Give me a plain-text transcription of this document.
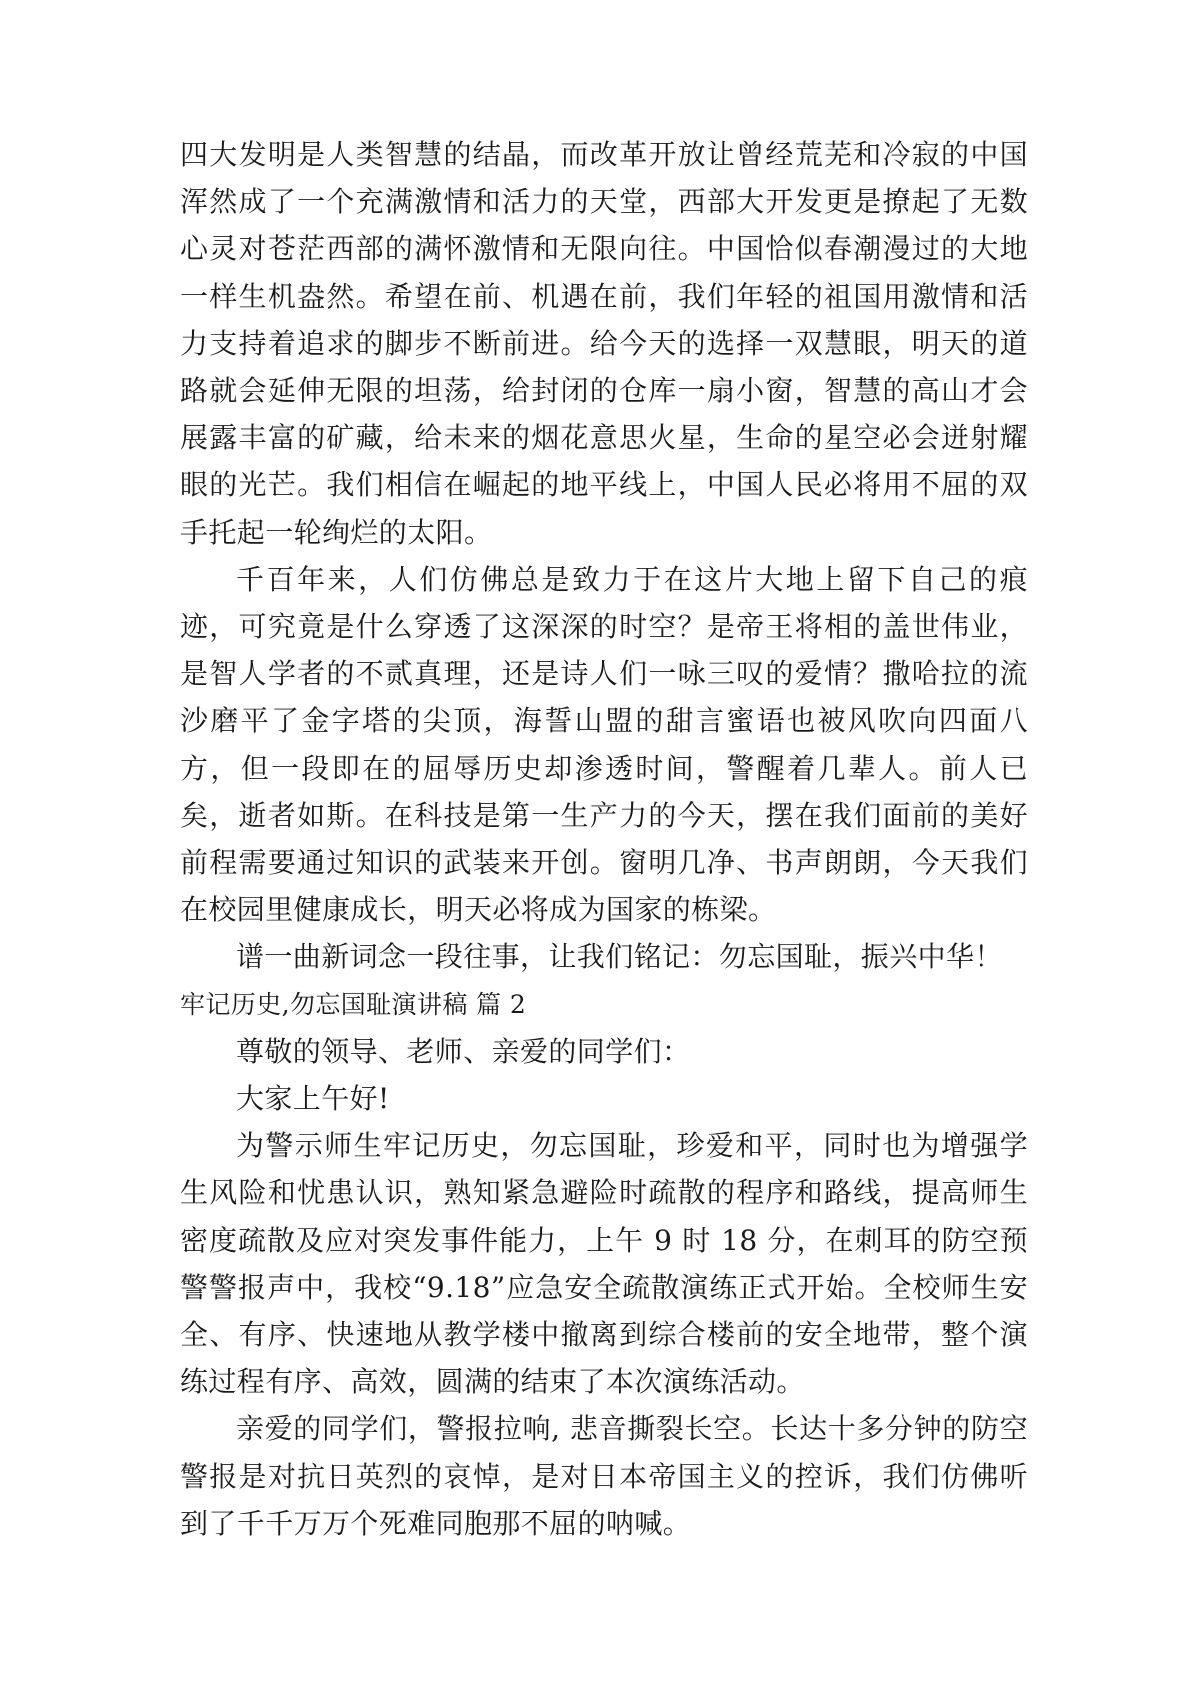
四大发明是人类智慧的结晶，而改革开放让曾经荒芜和冷寂的中国浑然成了一个充满激情和活力的天堂，西部大开发更是撩起了无数心灵对苍茫西部的满怀激情和无限向往。中国恰似春潮漫过的大地一样生机盎然。希望在前、机遇在前，我们年轻的祖国用激情和活力支持着追求的脚步不断前进。给今天的选择一双慧眼，明天的道路就会延伸无限的坦荡，给封闭的仓库一扇小窗，智慧的高山才会展露丰富的矿藏，给未来的烟花意思火星，生命的星空必会迸射耀眼的光芒。我们相信在崛起的地平线上，中国人民必将用不屈的双手托起一轮绚烂的太阳。

千百年来，人们仿佛总是致力于在这片大地上留下自己的痕迹，可究竟是什么穿透了这深深的时空？是帝王将相的盖世伟业，是智人学者的不贰真理，还是诗人们一咏三叹的爱情？撒哈拉的流沙磨平了金字塔的尖顶，海誓山盟的甜言蜜语也被风吹向四面八方，但一段即在的屈辱历史却渗透时间，警醒着几辈人。前人已矣，逝者如斯。在科技是第一生产力的今天，摆在我们面前的美好前程需要通过知识的武装来开创。窗明几净、书声朗朗，今天我们在校园里健康成长，明天必将成为国家的栋梁。

谱一曲新词念一段往事，让我们铭记：勿忘国耻，振兴中华！

牢记历史,勿忘国耻演讲稿 篇 2

尊敬的领导、老师、亲爱的同学们：

大家上午好!

为警示师生牢记历史，勿忘国耻，珍爱和平，同时也为增强学生风险和忧患认识，熟知紧急避险时疏散的程序和路线，提高师生密度疏散及应对突发事件能力，上午 9 时 18 分，在刺耳的防空预警警报声中，我校“9.18”应急安全疏散演练正式开始。全校师生安全、有序、快速地从教学楼中撤离到综合楼前的安全地带，整个演练过程有序、高效，圆满的结束了本次演练活动。

亲爱的同学们，警报拉响, 悲音撕裂长空。长达十多分钟的防空警报是对抗日英烈的哀悼，是对日本帝国主义的控诉，我们仿佛听到了千千万万个死难同胞那不屈的呐喊。
